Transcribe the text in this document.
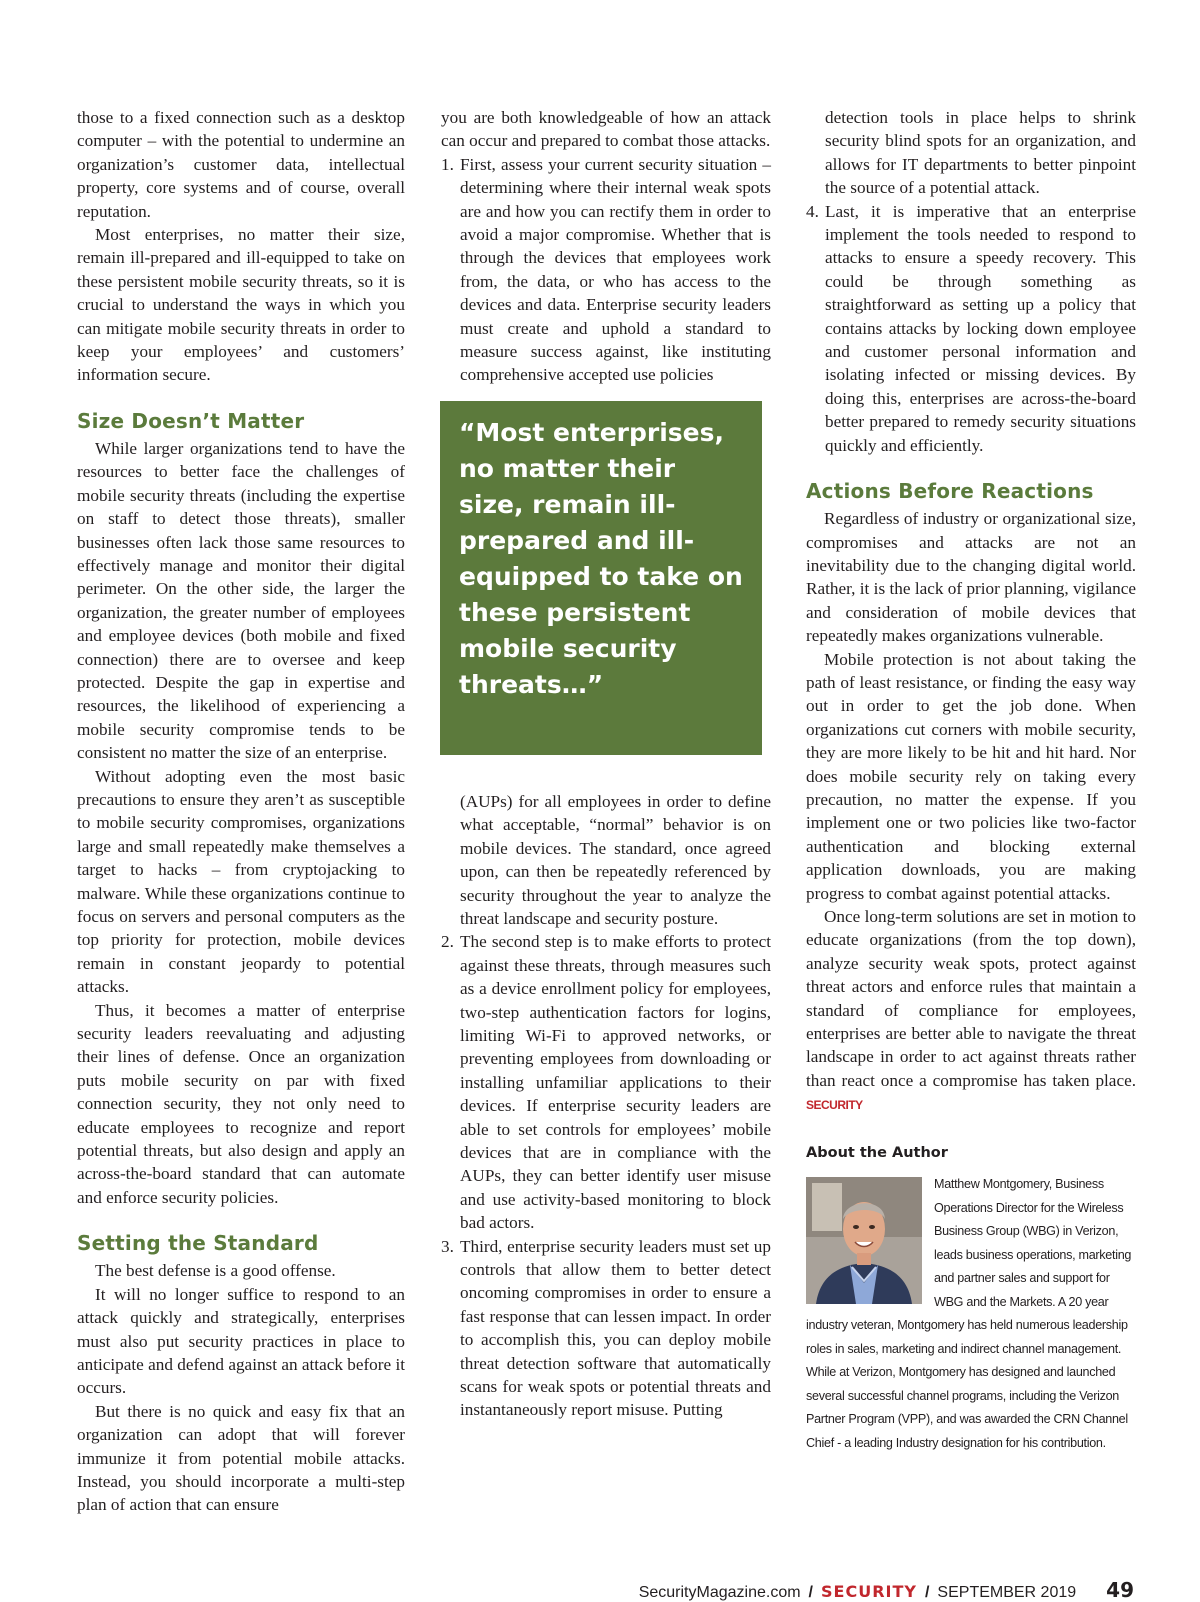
those to a fixed connection such as a desktop computer – with the potential to undermine an organization’s customer data, intellectual property, core systems and of course, overall reputation.

Most enterprises, no matter their size, remain ill-prepared and ill-equipped to take on these persistent mobile security threats, so it is crucial to understand the ways in which you can mitigate mobile security threats in order to keep your employees’ and customers’ information secure.

Size Doesn’t Matter

While larger organizations tend to have the resources to better face the challenges of mobile security threats (including the expertise on staff to detect those threats), smaller businesses often lack those same resources to effectively manage and monitor their digital perimeter. On the other side, the larger the organization, the greater number of employees and employee devices (both mobile and fixed connection) there are to oversee and keep protected. Despite the gap in expertise and resources, the likelihood of experiencing a mobile security compromise tends to be consistent no matter the size of an enterprise.

Without adopting even the most basic precautions to ensure they aren’t as susceptible to mobile security compromises, organizations large and small repeatedly make themselves a target to hacks – from cryptojacking to malware. While these organizations continue to focus on servers and personal computers as the top priority for protection, mobile devices remain in constant jeopardy to potential attacks.

Thus, it becomes a matter of enterprise security leaders reevaluating and adjusting their lines of defense. Once an organization puts mobile security on par with fixed connection security, they not only need to educate employees to recognize and report potential threats, but also design and apply an across-the-board standard that can automate and enforce security policies.

Setting the Standard

The best defense is a good offense.

It will no longer suffice to respond to an attack quickly and strategically, enterprises must also put security practices in place to anticipate and defend against an attack before it occurs.

But there is no quick and easy fix that an organization can adopt that will forever immunize it from potential mobile attacks. Instead, you should incorporate a multi-step plan of action that can ensure

you are both knowledgeable of how an attack can occur and prepared to combat those attacks.

1. First, assess your current security situation – determining where their internal weak spots are and how you can rectify them in order to avoid a major compromise. Whether that is through the devices that employees work from, the data, or who has access to the devices and data. Enterprise security leaders must create and uphold a standard to measure success against, like instituting comprehensive accepted use policies
“Most enterprises, no matter their size, remain ill-prepared and ill-equipped to take on these persistent mobile security threats…”
(AUPs) for all employees in order to define what acceptable, “normal” behavior is on mobile devices. The standard, once agreed upon, can then be repeatedly referenced by security throughout the year to analyze the threat landscape and security posture.
2. The second step is to make efforts to protect against these threats, through measures such as a device enrollment policy for employees, two-step authentication factors for logins, limiting Wi-Fi to approved networks, or preventing employees from downloading or installing unfamiliar applications to their devices. If enterprise security leaders are able to set controls for employees’ mobile devices that are in compliance with the AUPs, they can better identify user misuse and use activity-based monitoring to block bad actors.
3. Third, enterprise security leaders must set up controls that allow them to better detect oncoming compromises in order to ensure a fast response that can lessen impact. In order to accomplish this, you can deploy mobile threat detection software that automatically scans for weak spots or potential threats and instantaneously report misuse. Putting
detection tools in place helps to shrink security blind spots for an organization, and allows for IT departments to better pinpoint the source of a potential attack.
4. Last, it is imperative that an enterprise implement the tools needed to respond to attacks to ensure a speedy recovery. This could be through something as straightforward as setting up a policy that contains attacks by locking down employee and customer personal information and isolating infected or missing devices. By doing this, enterprises are across-the-board better prepared to remedy security situations quickly and efficiently.
Actions Before Reactions

Regardless of industry or organizational size, compromises and attacks are not an inevitability due to the changing digital world. Rather, it is the lack of prior planning, vigilance and consideration of mobile devices that repeatedly makes organizations vulnerable.

Mobile protection is not about taking the path of least resistance, or finding the easy way out in order to get the job done. When organizations cut corners with mobile security, they are more likely to be hit and hit hard. Nor does mobile security rely on taking every precaution, no matter the expense. If you implement one or two policies like two-factor authentication and blocking external application downloads, you are making progress to combat against potential attacks.

Once long-term solutions are set in motion to educate organizations (from the top down), analyze security weak spots, protect against threat actors and enforce rules that maintain a standard of compliance for employees, enterprises are better able to navigate the threat landscape in order to act against threats rather than react once a compromise has taken place. SECURITY

About the Author
Matthew Montgomery, Business Operations Director for the Wireless Business Group (WBG) in Verizon, leads business operations, marketing and partner sales and support for WBG and the Markets. A 20 year industry veteran, Montgomery has held numerous leadership roles in sales, marketing and indirect channel management. While at Verizon, Montgomery has designed and launched several successful channel programs, including the Verizon Partner Program (VPP), and was awarded the CRN Channel Chief - a leading Industry designation for his contribution.
SecurityMagazine.com / SECURITY / SEPTEMBER 2019 49
